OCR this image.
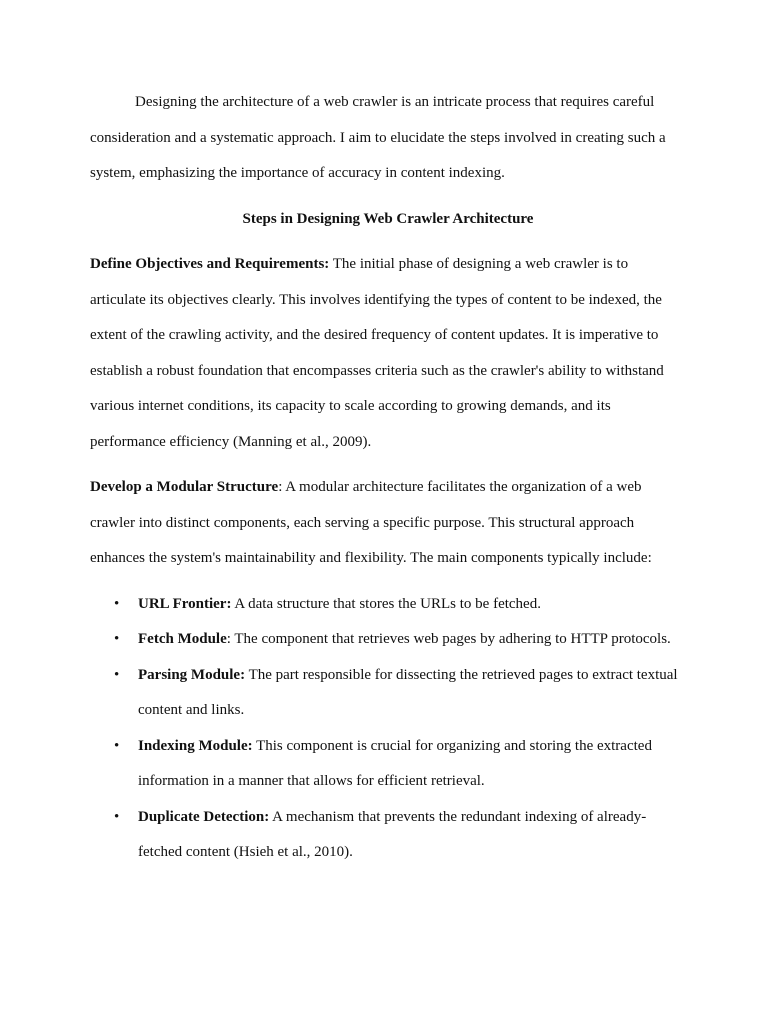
Designing the architecture of a web crawler is an intricate process that requires careful consideration and a systematic approach. I aim to elucidate the steps involved in creating such a system, emphasizing the importance of accuracy in content indexing.

Steps in Designing Web Crawler Architecture

Define Objectives and Requirements: The initial phase of designing a web crawler is to articulate its objectives clearly. This involves identifying the types of content to be indexed, the extent of the crawling activity, and the desired frequency of content updates. It is imperative to establish a robust foundation that encompasses criteria such as the crawler's ability to withstand various internet conditions, its capacity to scale according to growing demands, and its performance efficiency (Manning et al., 2009).

Develop a Modular Structure: A modular architecture facilitates the organization of a web crawler into distinct components, each serving a specific purpose. This structural approach enhances the system's maintainability and flexibility. The main components typically include:

• URL Frontier: A data structure that stores the URLs to be fetched.
• Fetch Module: The component that retrieves web pages by adhering to HTTP protocols.
• Parsing Module: The part responsible for dissecting the retrieved pages to extract textual content and links.
• Indexing Module: This component is crucial for organizing and storing the extracted information in a manner that allows for efficient retrieval.
• Duplicate Detection: A mechanism that prevents the redundant indexing of already-fetched content (Hsieh et al., 2010).
